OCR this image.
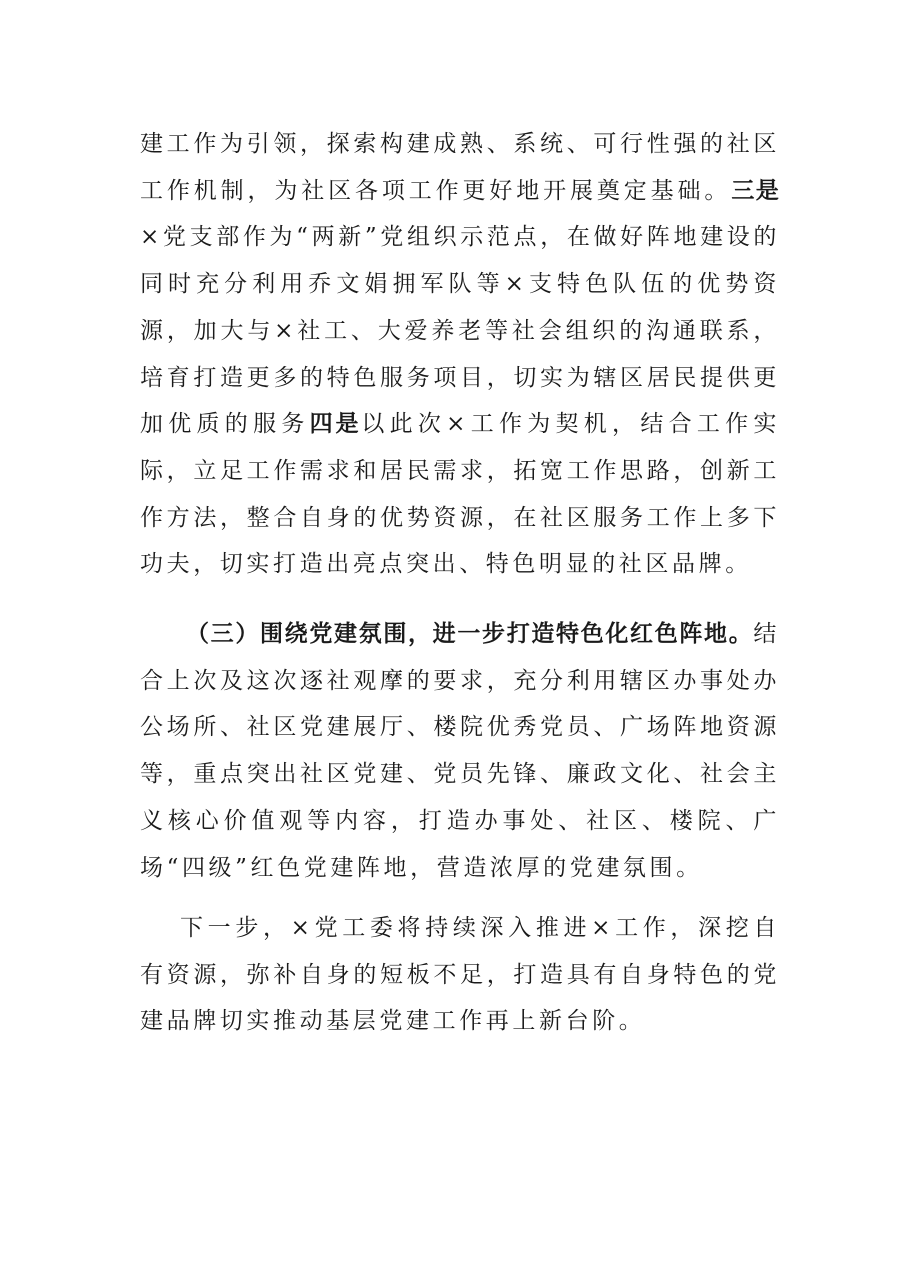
建工作为引领，探索构建成熟、系统、可行性强的社区工作机制，为社区各项工作更好地开展奠定基础。三是×党支部作为“两新”党组织示范点，在做好阵地建设的同时充分利用乔文娟拥军队等×支特色队伍的优势资源，加大与×社工、大爱养老等社会组织的沟通联系，培育打造更多的特色服务项目，切实为辖区居民提供更加优质的服务四是以此次×工作为契机，结合工作实际，立足工作需求和居民需求，拓宽工作思路，创新工作方法，整合自身的优势资源，在社区服务工作上多下功夫，切实打造出亮点突出、特色明显的社区品牌。

（三）围绕党建氛围，进一步打造特色化红色阵地。结合上次及这次逐社观摩的要求，充分利用辖区办事处办公场所、社区党建展厅、楼院优秀党员、广场阵地资源等，重点突出社区党建、党员先锋、廉政文化、社会主义核心价值观等内容，打造办事处、社区、楼院、广场“四级”红色党建阵地，营造浓厚的党建氛围。

下一步，×党工委将持续深入推进×工作，深挖自有资源，弥补自身的短板不足，打造具有自身特色的党建品牌切实推动基层党建工作再上新台阶。
